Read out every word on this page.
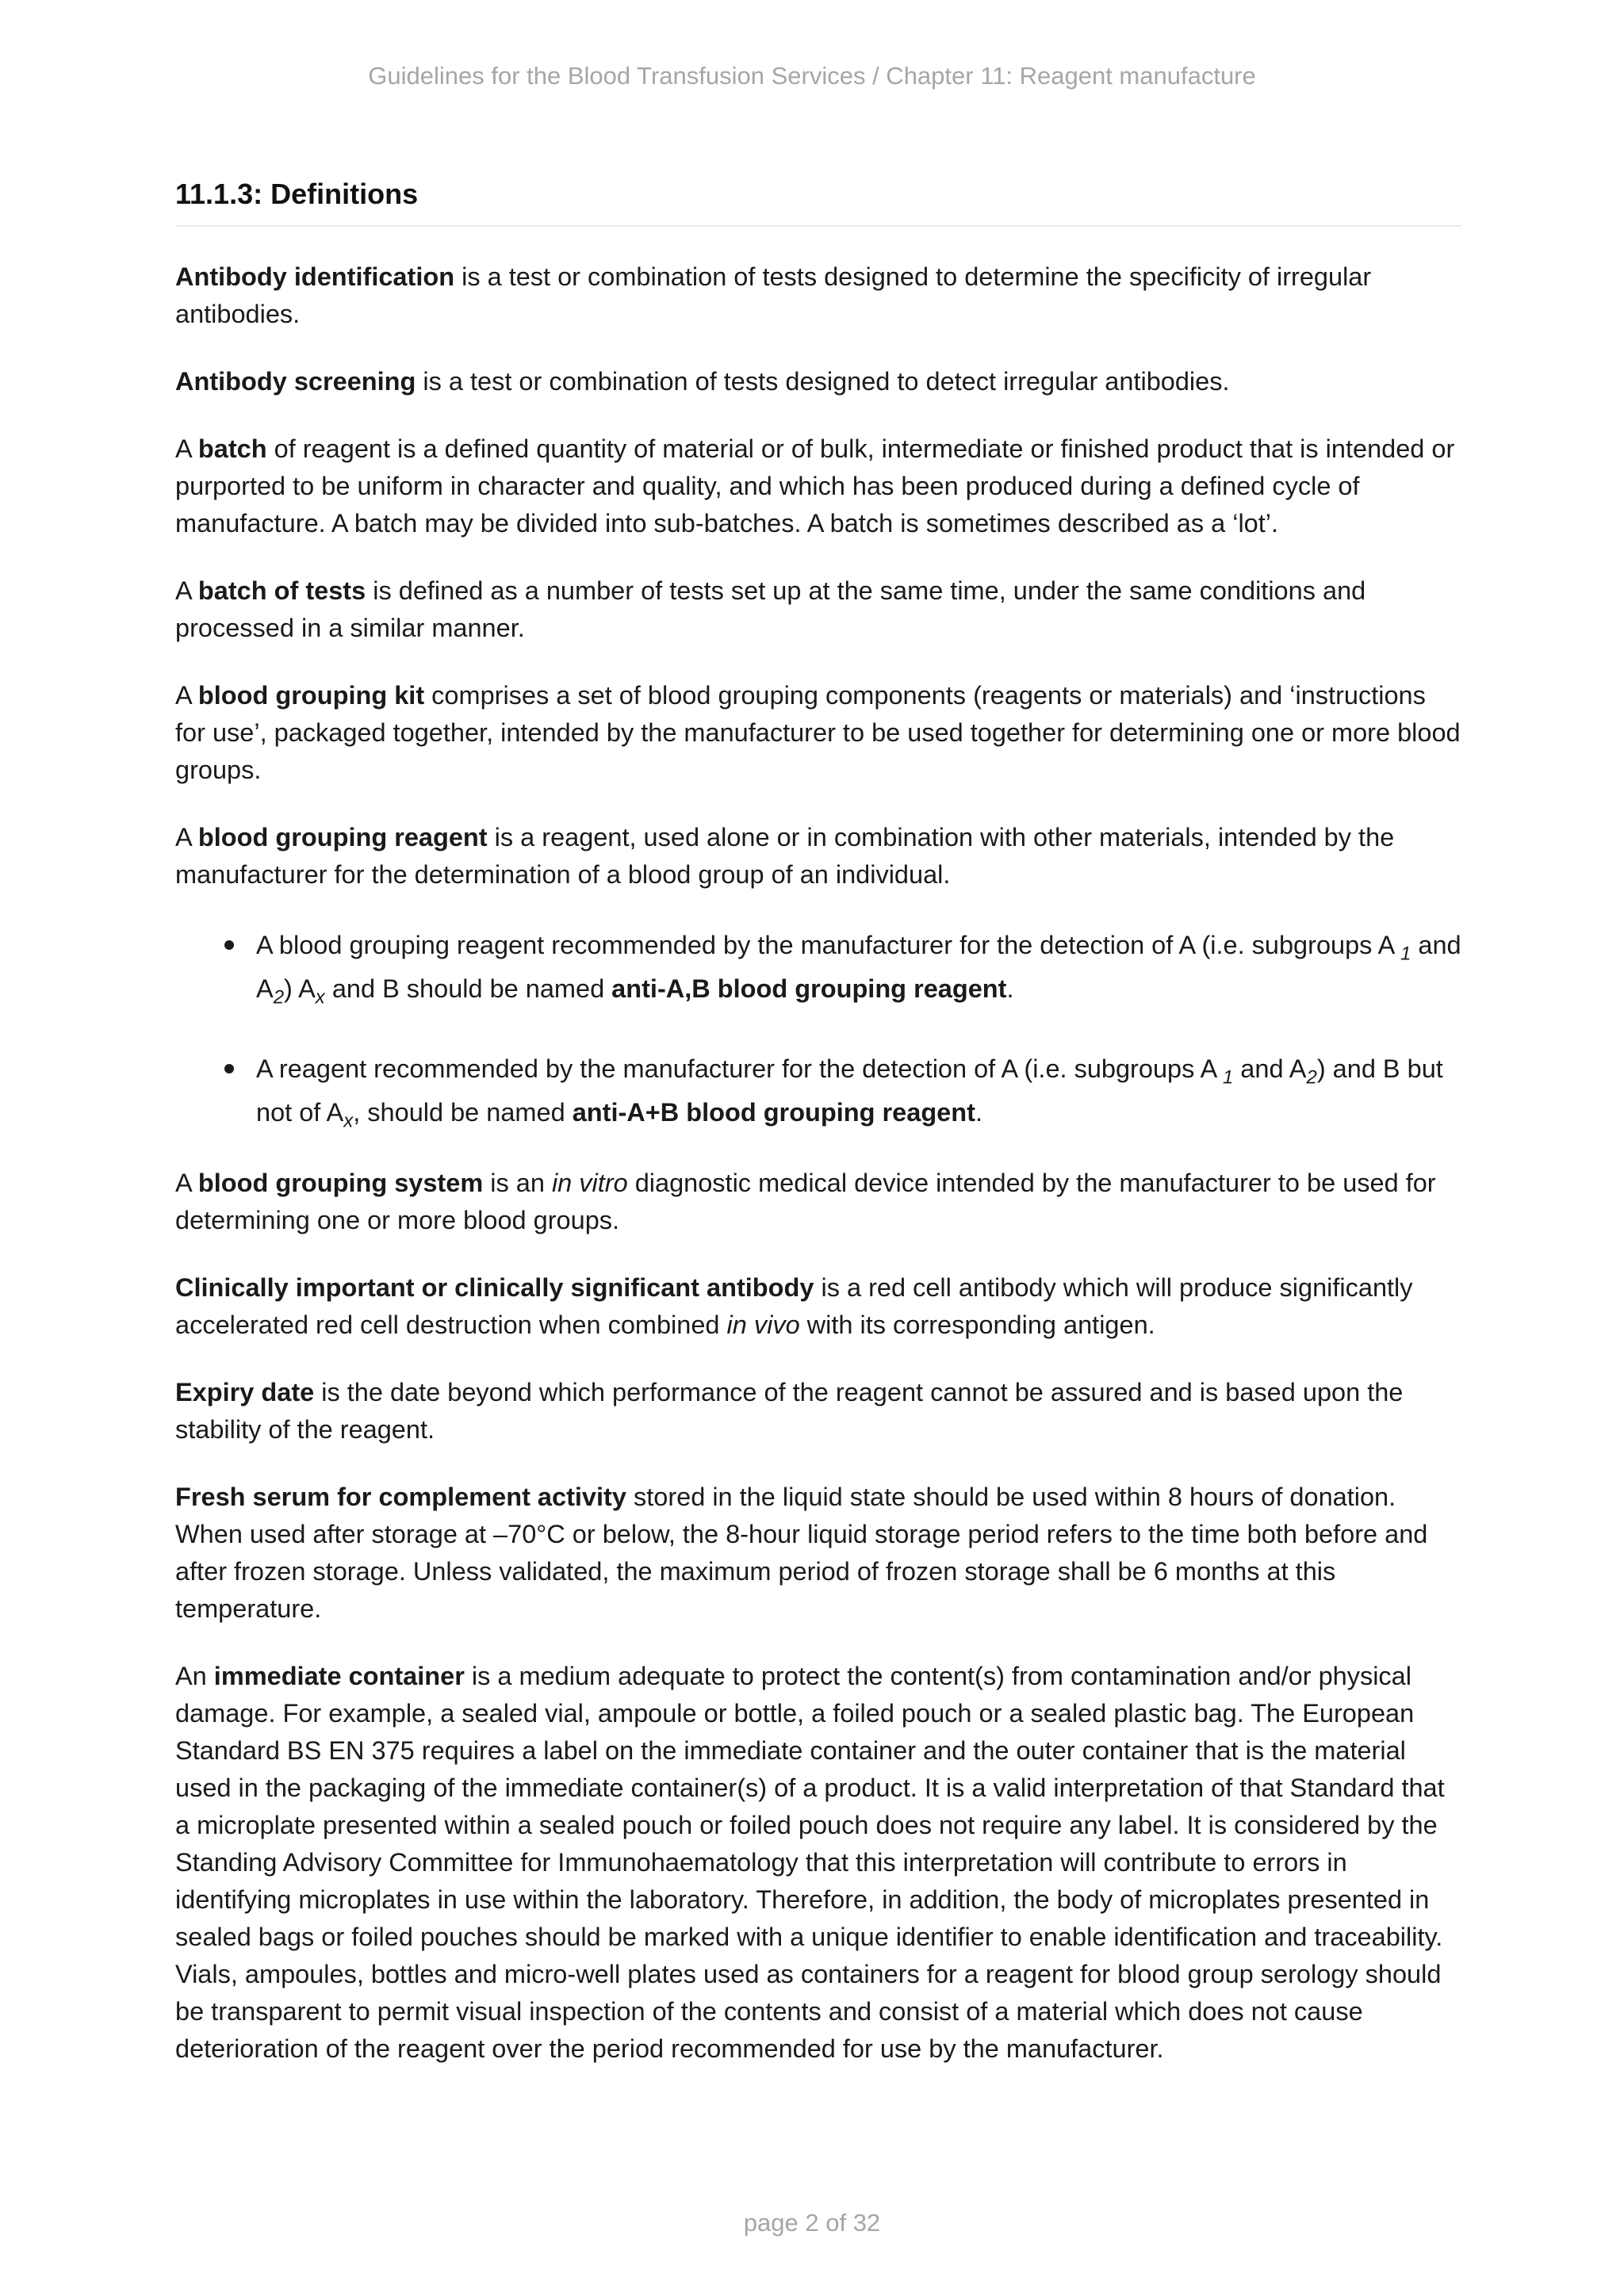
Guidelines for the Blood Transfusion Services / Chapter 11: Reagent manufacture
11.1.3: Definitions

Antibody identification is a test or combination of tests designed to determine the specificity of irregular antibodies.

Antibody screening is a test or combination of tests designed to detect irregular antibodies.

A batch of reagent is a defined quantity of material or of bulk, intermediate or finished product that is intended or purported to be uniform in character and quality, and which has been produced during a defined cycle of manufacture. A batch may be divided into sub-batches. A batch is sometimes described as a ‘lot’.

A batch of tests is defined as a number of tests set up at the same time, under the same conditions and processed in a similar manner.

A blood grouping kit comprises a set of blood grouping components (reagents or materials) and ‘instructions for use’, packaged together, intended by the manufacturer to be used together for determining one or more blood groups.

A blood grouping reagent is a reagent, used alone or in combination with other materials, intended by the manufacturer for the determination of a blood group of an individual.

A blood grouping reagent recommended by the manufacturer for the detection of A (i.e. subgroups A $_1$ and $A_2$) $A_x$ and B should be named anti-A,B blood grouping reagent.
A reagent recommended by the manufacturer for the detection of A (i.e. subgroups A $_1$ and $A_2$) and B but not of $A_x$, should be named anti-A+B blood grouping reagent.

A blood grouping system is an in vitro diagnostic medical device intended by the manufacturer to be used for determining one or more blood groups.

Clinically important or clinically significant antibody is a red cell antibody which will produce significantly accelerated red cell destruction when combined in vivo with its corresponding antigen.

Expiry date is the date beyond which performance of the reagent cannot be assured and is based upon the stability of the reagent.

Fresh serum for complement activity stored in the liquid state should be used within 8 hours of donation. When used after storage at –70°C or below, the 8-hour liquid storage period refers to the time both before and after frozen storage. Unless validated, the maximum period of frozen storage shall be 6 months at this temperature.

An immediate container is a medium adequate to protect the content(s) from contamination and/or physical damage. For example, a sealed vial, ampoule or bottle, a foiled pouch or a sealed plastic bag. The European Standard BS EN 375 requires a label on the immediate container and the outer container that is the material used in the packaging of the immediate container(s) of a product. It is a valid interpretation of that Standard that a microplate presented within a sealed pouch or foiled pouch does not require any label. It is considered by the Standing Advisory Committee for Immunohaematology that this interpretation will contribute to errors in identifying microplates in use within the laboratory. Therefore, in addition, the body of microplates presented in sealed bags or foiled pouches should be marked with a unique identifier to enable identification and traceability. Vials, ampoules, bottles and micro-well plates used as containers for a reagent for blood group serology should be transparent to permit visual inspection of the contents and consist of a material which does not cause deterioration of the reagent over the period recommended for use by the manufacturer.

page 2 of 32
